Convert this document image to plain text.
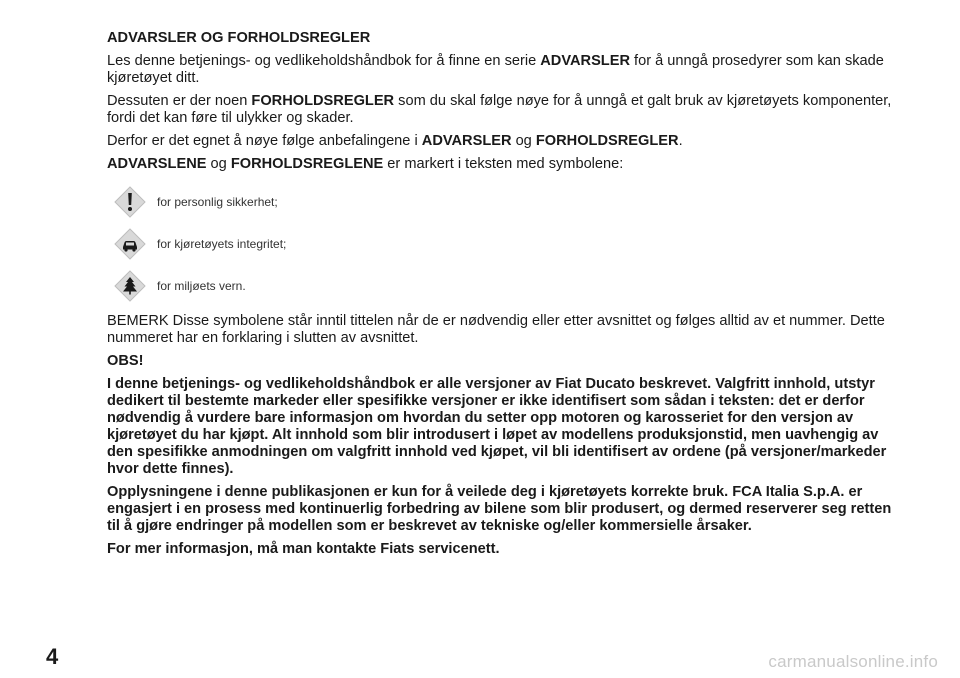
ADVARSLER OG FORHOLDSREGLER

Les denne betjenings- og vedlikeholdshåndbok for å finne en serie ADVARSLER for å unngå prosedyrer som kan skade kjøretøyet ditt.

Dessuten er der noen FORHOLDSREGLER som du skal følge nøye for å unngå et galt bruk av kjøretøyets komponenter, fordi det kan føre til ulykker og skader.

Derfor er det egnet å nøye følge anbefalingene i ADVARSLER og FORHOLDSREGLER.

ADVARSLENE og FORHOLDSREGLENE er markert i teksten med symbolene:

for personlig sikkerhet;
for kjøretøyets integritet;
for miljøets vern.

BEMERK Disse symbolene står inntil tittelen når de er nødvendig eller etter avsnittet og følges alltid av et nummer. Dette nummeret har en forklaring i slutten av avsnittet.

OBS!

I denne betjenings- og vedlikeholdshåndbok er alle versjoner av Fiat Ducato beskrevet. Valgfritt innhold, utstyr dedikert til bestemte markeder eller spesifikke versjoner er ikke identifisert som sådan i teksten: det er derfor nødvendig å vurdere bare informasjon om hvordan du setter opp motoren og karosseriet for den versjon av kjøretøyet du har kjøpt. Alt innhold som blir introdusert i løpet av modellens produksjonstid, men uavhengig av den spesifikke anmodningen om valgfritt innhold ved kjøpet, vil bli identifisert av ordene (på versjoner/markeder hvor dette finnes).

Opplysningene i denne publikasjonen er kun for å veilede deg i kjøretøyets korrekte bruk. FCA Italia S.p.A. er engasjert i en prosess med kontinuerlig forbedring av bilene som blir produsert, og dermed reserverer seg retten til å gjøre endringer på modellen som er beskrevet av tekniske og/eller kommersielle årsaker.

For mer informasjon, må man kontakte Fiats servicenett.

4	carmanualsonline.info
